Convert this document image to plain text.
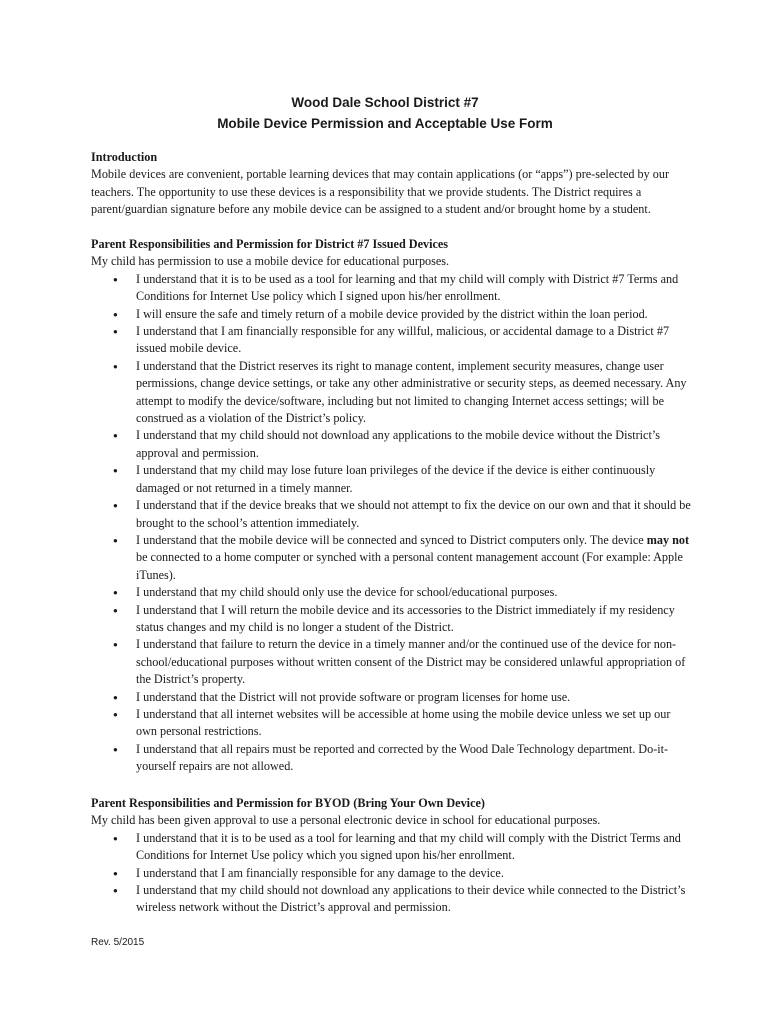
Wood Dale School District #7
Mobile Device Permission and Acceptable Use Form
Introduction

Mobile devices are convenient, portable learning devices that may contain applications (or “apps”) pre-selected by our teachers. The opportunity to use these devices is a responsibility that we provide students. The District requires a parent/guardian signature before any mobile device can be assigned to a student and/or brought home by a student.

Parent Responsibilities and Permission for District #7 Issued Devices
My child has permission to use a mobile device for educational purposes.
● I understand that it is to be used as a tool for learning and that my child will comply with District #7 Terms and Conditions for Internet Use policy which I signed upon his/her enrollment.
● I will ensure the safe and timely return of a mobile device provided by the district within the loan period.
● I understand that I am financially responsible for any willful, malicious, or accidental damage to a District #7 issued mobile device.
● I understand that the District reserves its right to manage content, implement security measures, change user permissions, change device settings, or take any other administrative or security steps, as deemed necessary. Any attempt to modify the device/software, including but not limited to changing Internet access settings; will be construed as a violation of the District’s policy.
● I understand that my child should not download any applications to the mobile device without the District’s approval and permission.
● I understand that my child may lose future loan privileges of the device if the device is either continuously damaged or not returned in a timely manner.
● I understand that if the device breaks that we should not attempt to fix the device on our own and that it should be brought to the school’s attention immediately.
● I understand that the mobile device will be connected and synced to District computers only. The device may not be connected to a home computer or synched with a personal content management account (For example: Apple iTunes).
● I understand that my child should only use the device for school/educational purposes.
● I understand that I will return the mobile device and its accessories to the District immediately if my residency status changes and my child is no longer a student of the District.
● I understand that failure to return the device in a timely manner and/or the continued use of the device for non-school/educational purposes without written consent of the District may be considered unlawful appropriation of the District’s property.
● I understand that the District will not provide software or program licenses for home use.
● I understand that all internet websites will be accessible at home using the mobile device unless we set up our own personal restrictions.
● I understand that all repairs must be reported and corrected by the Wood Dale Technology department. Do-it-yourself repairs are not allowed.
Parent Responsibilities and Permission for BYOD (Bring Your Own Device)
My child has been given approval to use a personal electronic device in school for educational purposes.
● I understand that it is to be used as a tool for learning and that my child will comply with the District Terms and Conditions for Internet Use policy which you signed upon his/her enrollment.
● I understand that I am financially responsible for any damage to the device.
● I understand that my child should not download any applications to their device while connected to the District’s wireless network without the District’s approval and permission.
Rev. 5/2015
